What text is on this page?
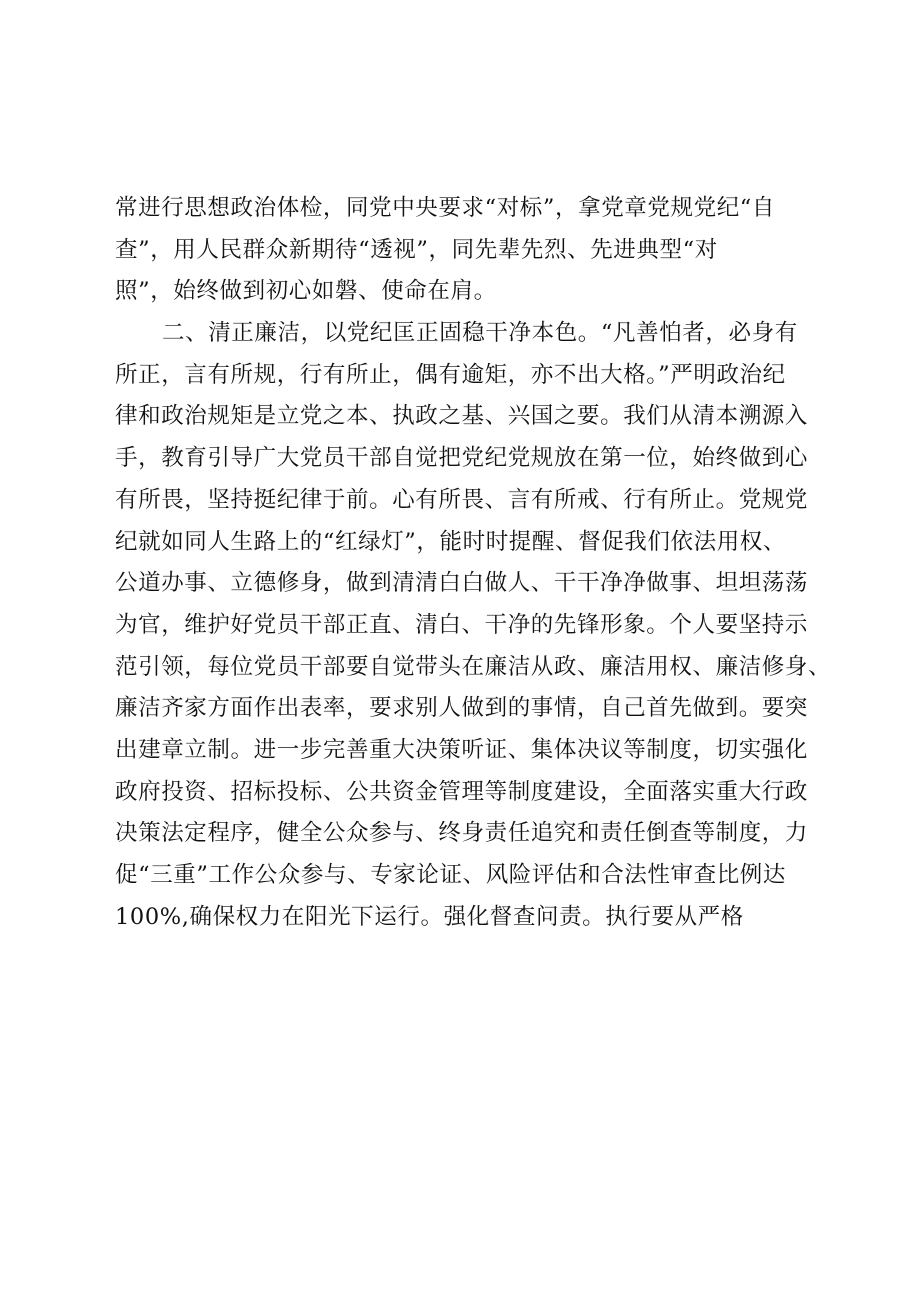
常进行思想政治体检，同党中央要求“对标”，拿党章党规党纪“自
查”，用人民群众新期待“透视”，同先辈先烈、先进典型“对
照”，始终做到初心如磐、使命在肩。
二、清正廉洁，以党纪匡正固稳干净本色。“凡善怕者，必身有
所正，言有所规，行有所止，偶有逾矩，亦不出大格。”严明政治纪
律和政治规矩是立党之本、执政之基、兴国之要。我们从清本溯源入
手，教育引导广大党员干部自觉把党纪党规放在第一位，始终做到心
有所畏，坚持挺纪律于前。心有所畏、言有所戒、行有所止。党规党
纪就如同人生路上的“红绿灯”，能时时提醒、督促我们依法用权、
公道办事、立德修身，做到清清白白做人、干干净净做事、坦坦荡荡
为官，维护好党员干部正直、清白、干净的先锋形象。个人要坚持示
范引领，每位党员干部要自觉带头在廉洁从政、廉洁用权、廉洁修身、
廉洁齐家方面作出表率，要求别人做到的事情，自己首先做到。要突
出建章立制。进一步完善重大决策听证、集体决议等制度，切实强化
政府投资、招标投标、公共资金管理等制度建设，全面落实重大行政
决策法定程序，健全公众参与、终身责任追究和责任倒查等制度，力
促“三重”工作公众参与、专家论证、风险评估和合法性审查比例达
100%,确保权力在阳光下运行。强化督查问责。执行要从严格
